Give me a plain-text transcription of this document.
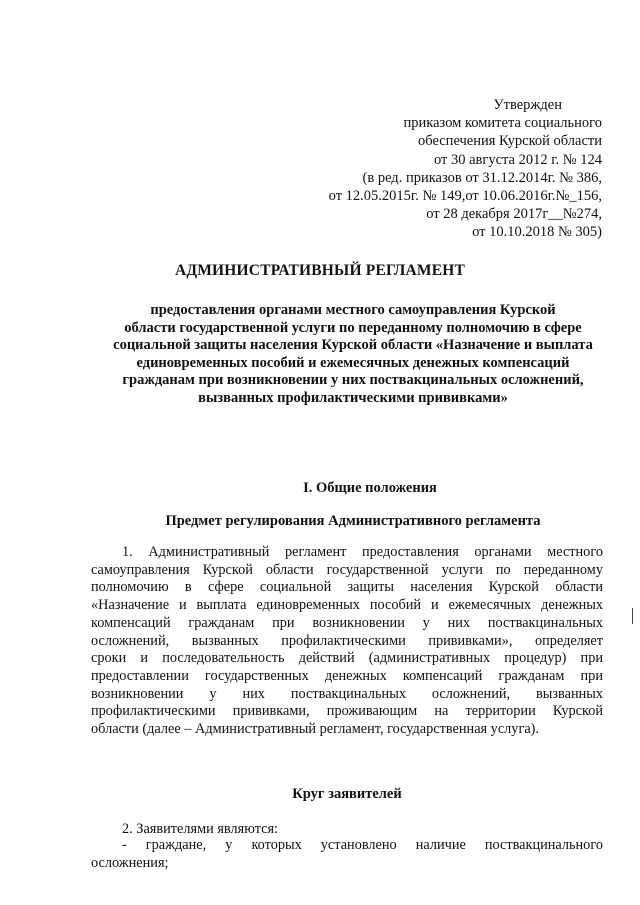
Утвержден
приказом комитета социального
обеспечения Курской области
от 30 августа 2012 г. № 124
(в ред. приказов от 31.12.2014г. № 386,
от 12.05.2015г. № 149,от 10.06.2016г.№_156,
от 28 декабря 2017г__№274,
от 10.10.2018 № 305)
АДМИНИСТРАТИВНЫЙ РЕГЛАМЕНТ
предоставления органами местного самоуправления Курской
области государственной услуги по переданному полномочию в сфере
социальной защиты населения Курской области «Назначение и выплата
единовременных пособий и ежемесячных денежных компенсаций
гражданам при возникновении у них поствакцинальных осложнений,
вызванных профилактическими прививками»
I. Общие положения
Предмет регулирования Административного регламента
1. Административный регламент предоставления органами местного
самоуправления Курской области государственной услуги по переданному
полномочию в сфере социальной защиты населения Курской области
«Назначение и выплата единовременных пособий и ежемесячных денежных
компенсаций гражданам при возникновении у них поствакцинальных
осложнений, вызванных профилактическими прививками», определяет
сроки и последовательность действий (административных процедур) при
предоставлении государственных денежных компенсаций гражданам при
возникновении у них поствакцинальных осложнений, вызванных
профилактическими прививками, проживающим на территории Курской
области (далее – Административный регламент, государственная услуга).
Круг заявителей
2. Заявителями являются:
- граждане, у которых установлено наличие поствакцинального
осложнения;
